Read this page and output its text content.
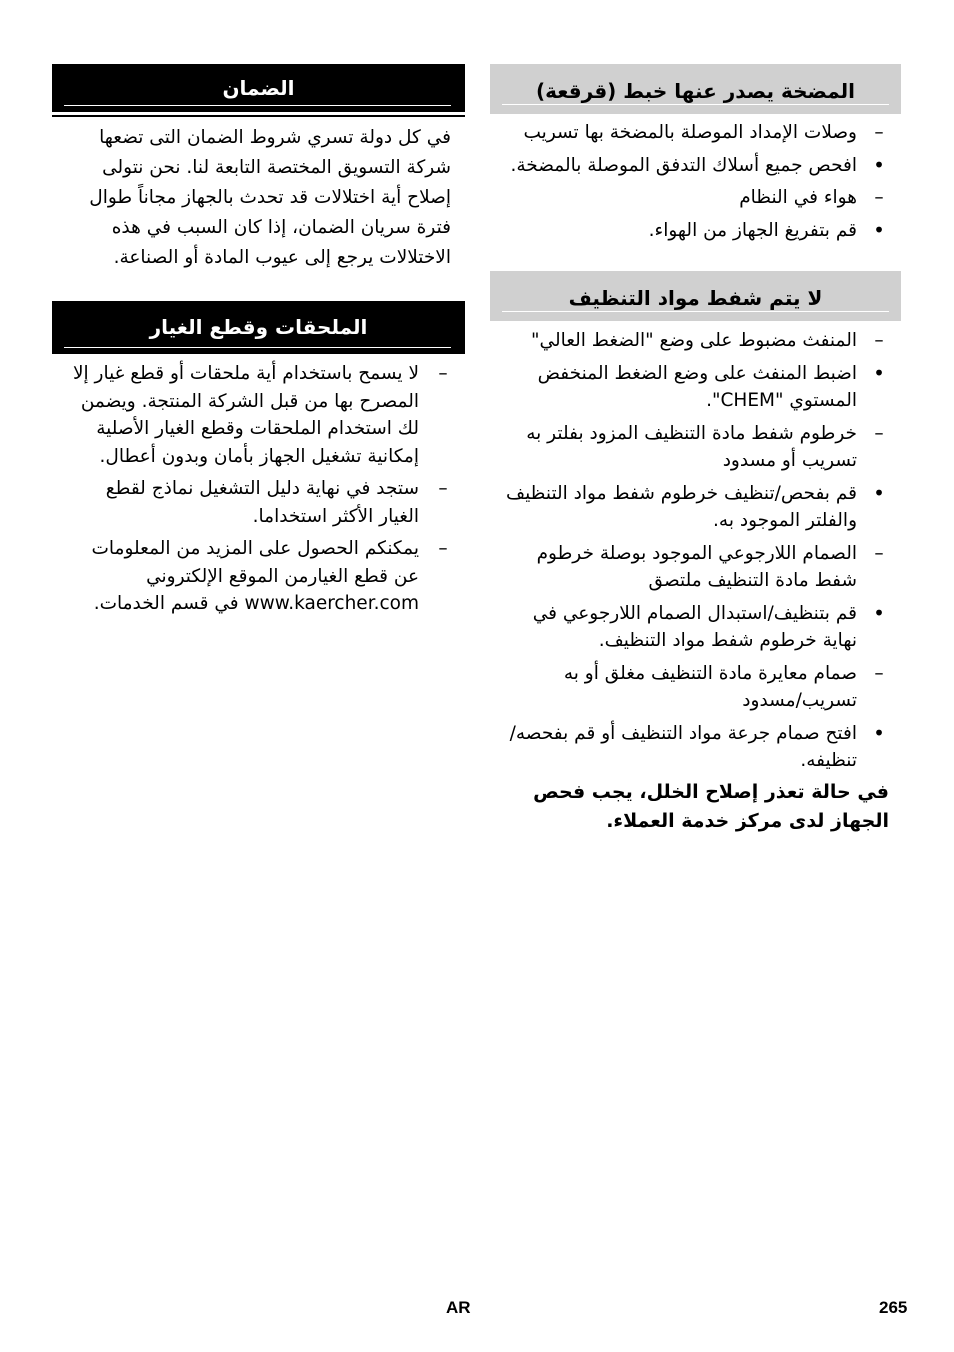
المضخة يصدر عنها خبط (قرقعة)
–
وصلات الإمداد الموصلة بالمضخة بها تسريب
•
افحص جميع أسلاك التدفق الموصلة بالمضخة.
–
هواء في النظام
•
قم بتفريغ الجهاز من الهواء.
لا يتم شفط مواد التنظيف
–
المنفث مضبوط على وضع "الضغط العالي"
•
اضبط المنفث على وضع الضغط المنخفض المستوي "CHEM".
–
خرطوم شفط مادة التنظيف المزود بفلتر به تسريب أو مسدود
•
قم بفحص/تنظيف خرطوم شفط مواد التنظيف والفلتر الموجود به.
–
الصمام اللارجوعي الموجود بوصلة خرطوم شفط مادة التنظيف ملتصق
•
قم بتنظيف/استبدال الصمام اللارجوعي في نهاية خرطوم شفط مواد التنظيف.
–
صمام معايرة مادة التنظيف مغلق أو به تسريب/مسدود
•
افتح صمام جرعة مواد التنظيف أو قم بفحصه/تنظيفه.
في حالة تعذر إصلاح الخلل، يجب فحص الجهاز لدى مركز خدمة العملاء.
الضمان
في كل دولة تسري شروط الضمان التى تضعها شركة التسويق المختصة التابعة لنا. نحن نتولى إصلاح أية اختلالات قد تحدث بالجهاز مجاناً طوال فترة سريان الضمان، إذا كان السبب في هذه الاختلالات يرجع إلى عيوب المادة أو الصناعة.
الملحقات وقطع الغيار
–
لا يسمح باستخدام أية ملحقات أو قطع غيار إلا المصرح بها من قبل الشركة المنتجة. ويضمن لك استخدام الملحقات وقطع الغيار الأصلية إمكانية تشغيل الجهاز بأمان وبدون أعطال.
–
ستجد في نهاية دليل التشغيل نماذج لقطع الغيار الأكثر استخداما.
–
يمكنكم الحصول على المزيد من المعلومات عن قطع الغيارمن الموقع الإلكتروني www.kaercher.com في قسم الخدمات.
AR	265
